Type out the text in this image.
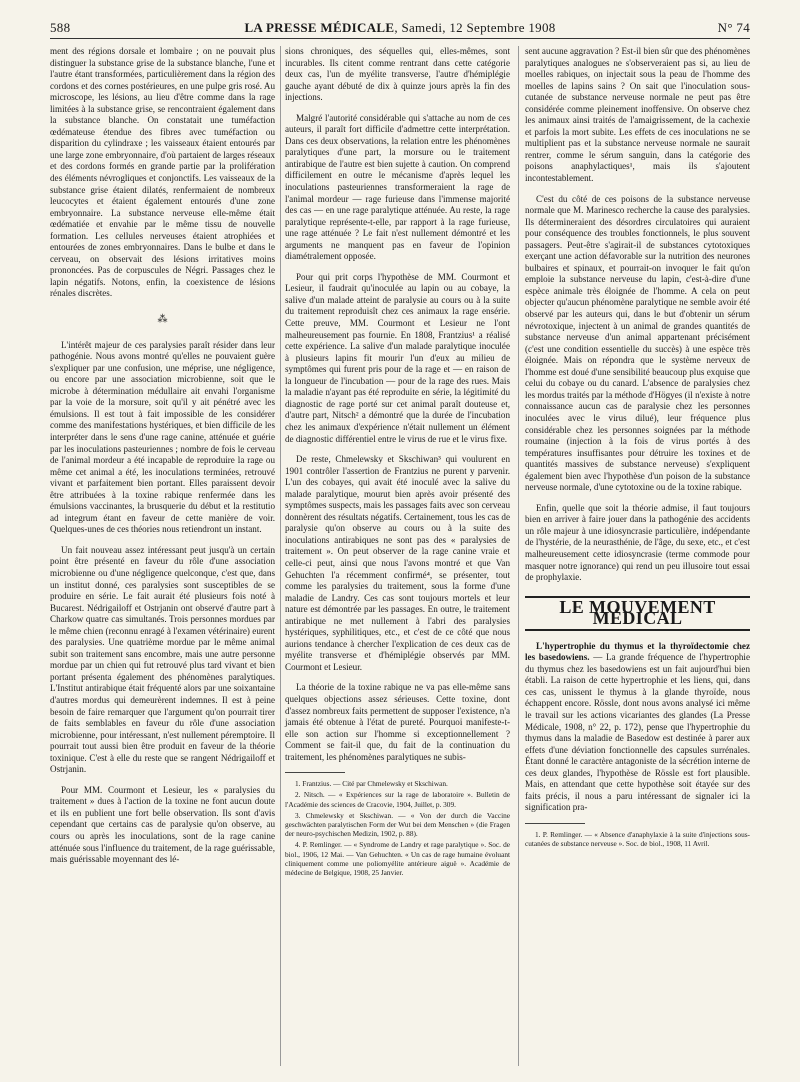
588	LA PRESSE MÉDICALE, Samedi, 12 Septembre 1908	N° 74

ment des régions dorsale et lombaire ; on ne pouvait plus distinguer la substance grise de la substance blanche, l'une et l'autre étant transformées, particulièrement dans la région des cordons et des cornes postérieures, en une pulpe gris rosé. Au microscope, les lésions, au lieu d'être comme dans la rage limitées à la substance grise, se rencontraient également dans la substance blanche. On constatait une tuméfaction œdémateuse étendue des fibres avec tuméfaction ou disparition du cylindraxe ; les vaisseaux étaient entourés par une large zone embryonnaire, d'où partaient de larges réseaux et des cordons formés en grande partie par la prolifération des éléments névrogliques et conjonctifs. Les vaisseaux de la substance grise étaient dilatés, renfermaient de nombreux leucocytes et étaient également entourés d'une zone embryonnaire. La substance nerveuse elle-même était œdématiée et envahie par le même tissu de nouvelle formation. Les cellules nerveuses étaient atrophiées et entourées de zones embryonnaires. Dans le bulbe et dans le cerveau, on observait des lésions irritatives moins prononcées. Pas de corpuscules de Négri. Passages chez le lapin négatifs. Notons, enfin, la coexistence de lésions rénales discrètes.

⁂

L'intérêt majeur de ces paralysies paraît résider dans leur pathogénie. Nous avons montré qu'elles ne pouvaient guère s'expliquer par une confusion, une méprise, une négligence, ou encore par une association microbienne, soit que le microbe à détermination médullaire ait envahi l'organisme par la voie de la morsure, soit qu'il y ait pénétré avec les émulsions. Il est tout à fait impossible de les considérer comme des manifestations hystériques, et bien difficile de les interpréter dans le sens d'une rage canine, atténuée et guérie par les inoculations pasteuriennes ; nombre de fois le cerveau de l'animal mordeur a été incapable de reproduire la rage ou même cet animal a été, les inoculations terminées, retrouvé vivant et parfaitement bien portant. Elles paraissent devoir être attribuées à la toxine rabique renfermée dans les émulsions vaccinantes, la brusquerie du début et la restitutio ad integrum étant en faveur de cette manière de voir. Quelques-unes de ces théories nous retiendront un instant.

Un fait nouveau assez intéressant peut jusqu'à un certain point être présenté en faveur du rôle d'une association microbienne ou d'une négligence quelconque, c'est que, dans un institut donné, ces paralysies sont susceptibles de se produire en série. Le fait aurait été plusieurs fois noté à Bucarest. Nédrigailoff et Ostrjanin ont observé d'autre part à Charkow quatre cas simultanés. Trois personnes mordues par le même chien (reconnu enragé à l'examen vétérinaire) eurent des paralysies. Une quatrième mordue par le même animal subit son traitement sans encombre, mais une autre personne mordue par un chien qui fut retrouvé plus tard vivant et bien portant présenta également des phénomènes paralytiques. L'Institut antirabique était fréquenté alors par une soixantaine d'autres mordus qui demeurèrent indemnes. Il est à peine besoin de faire remarquer que l'argument qu'on pourrait tirer de faits semblables en faveur du rôle d'une association microbienne, pour intéressant, n'est nullement péremptoire. Il pourrait tout aussi bien être produit en faveur de la théorie toxinique. C'est à elle du reste que se rangent Nédrigailoff et Ostrjanin.

Pour MM. Courmont et Lesieur, les « paralysies du traitement » dues à l'action de la toxine ne font aucun doute et ils en publient une fort belle observation. Ils sont d'avis cependant que certains cas de paralysie qu'on observe, au cours ou après les inoculations, sont de la rage canine atténuée sous l'influence du traitement, de la rage guérissable, mais guérissable moyennant des lé-

sions chroniques, des séquelles qui, elles-mêmes, sont incurables. Ils citent comme rentrant dans cette catégorie deux cas, l'un de myélite transverse, l'autre d'hémiplégie gauche ayant débuté de dix à quinze jours après la fin des injections.

Malgré l'autorité considérable qui s'attache au nom de ces auteurs, il paraît fort difficile d'admettre cette interprétation. Dans ces deux observations, la relation entre les phénomènes paralytiques d'une part, la morsure ou le traitement antirabique de l'autre est bien sujette à caution. On comprend difficilement en outre le mécanisme d'après lequel les inoculations pasteuriennes transformeraient la rage de l'animal mordeur — rage furieuse dans l'immense majorité des cas — en une rage paralytique atténuée. Au reste, la rage paralytique représente-t-elle, par rapport à la rage furieuse, une rage atténuée ? Le fait n'est nullement démontré et les arguments ne manquent pas en faveur de l'opinion diamétralement opposée.

Pour qui prit corps l'hypothèse de MM. Courmont et Lesieur, il faudrait qu'inoculée au lapin ou au cobaye, la salive d'un malade atteint de paralysie au cours ou à la suite du traitement reproduisît chez ces animaux la rage ensérie. Cette preuve, MM. Courmont et Lesieur ne l'ont malheureusement pas fournie. En 1808, Frantzius¹ a réalisé cette expérience. La salive d'un malade paralytique inoculée à plusieurs lapins fit mourir l'un d'eux au milieu de symptômes qui furent pris pour de la rage et — en raison de la longueur de l'incubation — pour de la rage des rues. Mais la maladie n'ayant pas été reproduite en série, la légitimité du diagnostic de rage porté sur cet animal paraît douteuse et, d'autre part, Nitsch² a démontré que la durée de l'incubation chez les animaux d'expérience n'était nullement un élément de diagnostic différentiel entre le virus de rue et le virus fixe.

De reste, Chmelewsky et Skschiwan³ qui voulurent en 1901 contrôler l'assertion de Frantzius ne purent y parvenir. L'un des cobayes, qui avait été inoculé avec la salive du malade paralytique, mourut bien après avoir présenté des symptômes suspects, mais les passages faits avec son cerveau donnèrent des résultats négatifs. Certainement, tous les cas de paralysie qu'on observe au cours ou à la suite des inoculations antirabiques ne sont pas des « paralysies de traitement ». On peut observer de la rage canine vraie et celle-ci peut, ainsi que nous l'avons montré et que Van Gehuchten l'a récemment confirmé⁴, se présenter, tout comme les paralysies du traitement, sous la forme d'une maladie de Landry. Ces cas sont toujours mortels et leur nature est démontrée par les passages. En outre, le traitement antirabique ne met nullement à l'abri des paralysies hystériques, syphilitiques, etc., et c'est de ce côté que nous aurions tendance à chercher l'explication de ces deux cas de myélite transverse et d'hémiplégie observés par MM. Courmont et Lesieur.

La théorie de la toxine rabique ne va pas elle-même sans quelques objections assez sérieuses. Cette toxine, dont d'assez nombreux faits permettent de supposer l'existence, n'a jamais été obtenue à l'état de pureté. Pourquoi manifeste-t-elle son action sur l'homme si exceptionnellement ? Comment se fait-il que, du fait de la continuation du traitement, les phénomènes paralytiques ne subis-

1. Frantzius. — Cité par Chmelewsky et Skschiwan.
2. Nitsch. — « Expériences sur la rage de laboratoire ». Bulletin de l'Académie des sciences de Cracovie, 1904, Juillet, p. 309.
3. Chmelewsky et Skschiwan. — « Von der durch die Vaccine geschwächten paralytischen Form der Wut bei dem Menschen » (die Fragen der neuro-psychischen Medizin, 1902, p. 88).
4. P. Remlinger. — « Syndrome de Landry et rage paralytique ». Soc. de biol., 1906, 12 Mai. — Van Gehuchten. « Un cas de rage humaine évoluant cliniquement comme une poliomyélite antérieure aiguë ». Académie de médecine de Belgique, 1908, 25 Janvier.

sent aucune aggravation ? Est-il bien sûr que des phénomènes paralytiques analogues ne s'observeraient pas si, au lieu de moelles rabiques, on injectait sous la peau de l'homme des moelles de lapins sains ? On sait que l'inoculation sous-cutanée de substance nerveuse normale ne peut pas être considérée comme pleinement inoffensive. On observe chez les animaux ainsi traités de l'amaigrissement, de la cachexie et parfois la mort subite. Les effets de ces inoculations ne se multiplient pas et la substance nerveuse normale ne saurait rentrer, comme le sérum sanguin, dans la catégorie des poisons anaphylactiques¹, mais ils s'ajoutent incontestablement.

C'est du côté de ces poisons de la substance nerveuse normale que M. Marinesco recherche la cause des paralysies. Ils détermineraient des désordres circulatoires qui auraient pour conséquence des troubles fonctionnels, le plus souvent passagers. Peut-être s'agirait-il de substances cytotoxiques exerçant une action défavorable sur la nutrition des neurones bulbaires et spinaux, et pourrait-on invoquer le fait qu'on emploie la substance nerveuse du lapin, c'est-à-dire d'une espèce animale très éloignée de l'homme. A cela on peut objecter qu'aucun phénomène paralytique ne semble avoir été observé par les auteurs qui, dans le but d'obtenir un sérum névrotoxique, injectent à un animal de grandes quantités de substance nerveuse d'un animal appartenant précisément (c'est une condition essentielle du succès) à une espèce très éloignée. Mais on répondra que le système nerveux de l'homme est doué d'une sensibilité beaucoup plus exquise que celui du cobaye ou du canard. L'absence de paralysies chez les mordus traités par la méthode d'Högyes (il n'existe à notre connaissance aucun cas de paralysie chez les personnes inoculées avec le virus dilué), leur fréquence plus considérable chez les personnes soignées par la méthode roumaine (injection à la fois de virus portés à des températures insuffisantes pour détruire les toxines et de quantités massives de substance nerveuse) s'expliquent également bien avec l'hypothèse d'un poison de la substance nerveuse normale, d'une cytotoxine ou de la toxine rabique.

Enfin, quelle que soit la théorie admise, il faut toujours bien en arriver à faire jouer dans la pathogénie des accidents un rôle majeur à une idiosyncrasie particulière, indépendante de l'hystérie, de la neurasthénie, de l'âge, du sexe, etc., et c'est malheureusement cette idiosyncrasie (terme commode pour masquer notre ignorance) qui rend un peu illusoire tout essai de prophylaxie.

LE MOUVEMENT MÉDICAL

L'hypertrophie du thymus et la thyroïdectomie chez les basedowiens. — La grande fréquence de l'hypertrophie du thymus chez les basedowiens est un fait aujourd'hui bien établi. La raison de cette hypertrophie et les liens, qui, dans ces cas, unissent le thymus à la glande thyroïde, nous échappent encore. Rössle, dont nous avons analysé ici même le travail sur les actions vicariantes des glandes (La Presse Médicale, 1908, n° 22, p. 172), pense que l'hypertrophie du thymus dans la maladie de Basedow est destinée à parer aux effets d'une déviation fonctionnelle des capsules surrénales. Étant donné le caractère antagoniste de la sécrétion interne de ces deux glandes, l'hypothèse de Rössle est fort plausible. Mais, en attendant que cette hypothèse soit étayée sur des faits précis, il nous a paru intéressant de signaler ici la signification pra-

1. P. Remlinger. — « Absence d'anaphylaxie à la suite d'injections sous-cutanées de substance nerveuse ». Soc. de biol., 1908, 11 Avril.
